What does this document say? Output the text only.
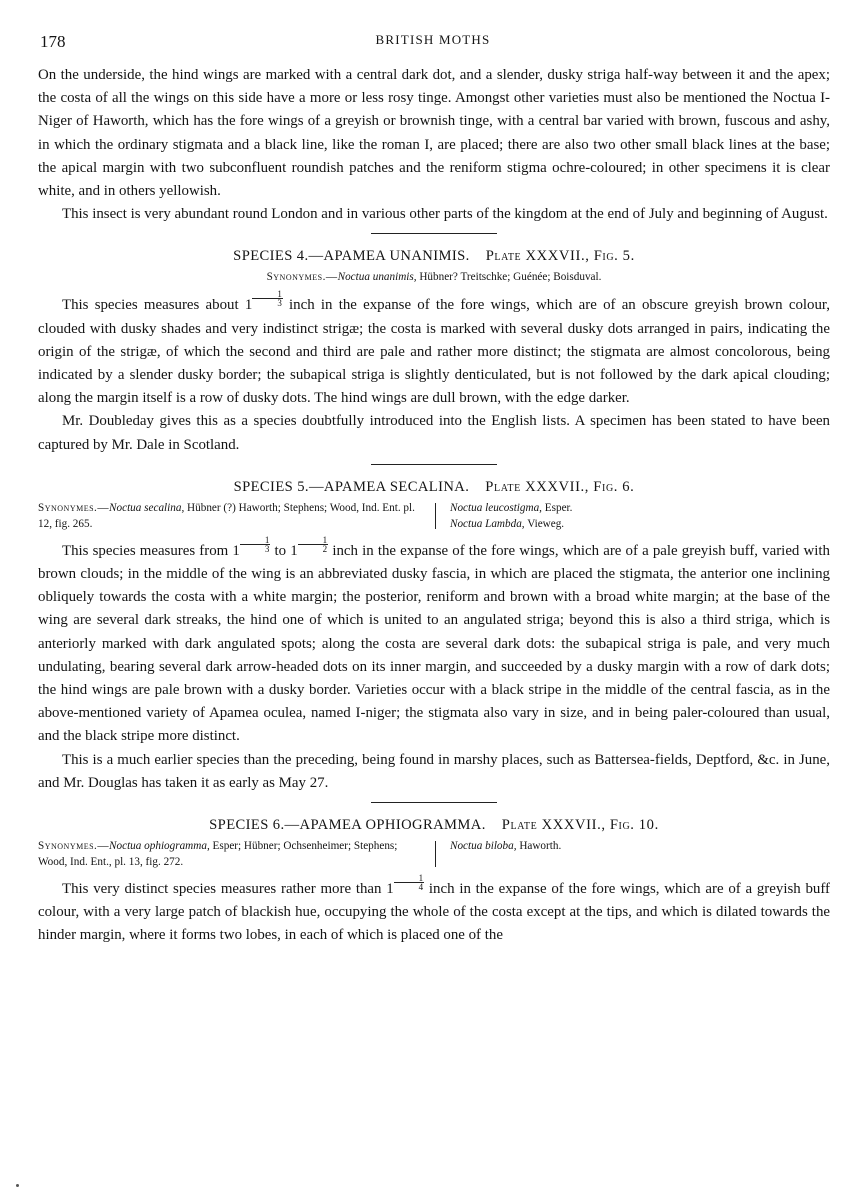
178	BRITISH MOTHS

On the underside, the hind wings are marked with a central dark dot, and a slender, dusky striga half-way between it and the apex; the costa of all the wings on this side have a more or less rosy tinge. Amongst other varieties must also be mentioned the Noctua I-Niger of Haworth, which has the fore wings of a greyish or brownish tinge, with a central bar varied with brown, fuscous and ashy, in which the ordinary stigmata and a black line, like the roman I, are placed; there are also two other small black lines at the base; the apical margin with two subconfluent roundish patches and the reniform stigma ochre-coloured; in other specimens it is clear white, and in others yellowish.

This insect is very abundant round London and in various other parts of the kingdom at the end of July and beginning of August.

SPECIES 4.—APAMEA UNANIMIS. Plate XXXVII., Fig. 5.
Synonymes.—Noctua unanimis, Hübner? Treitschke; Guénée; Boisduval.

This species measures about $1 \frac{1}{3}$ inch in the expanse of the fore wings, which are of an obscure greyish brown colour, clouded with dusky shades and very indistinct strigæ; the costa is marked with several dusky dots arranged in pairs, indicating the origin of the strigæ, of which the second and third are pale and rather more distinct; the stigmata are almost concolorous, being indicated by a slender dusky border; the subapical striga is slightly denticulated, but is not followed by the dark apical clouding; along the margin itself is a row of dusky dots. The hind wings are dull brown, with the edge darker.

Mr. Doubleday gives this as a species doubtfully introduced into the English lists. A specimen has been stated to have been captured by Mr. Dale in Scotland.

SPECIES 5.—APAMEA SECALINA. Plate XXXVII., Fig. 6.
Synonymes.—Noctua secalina, Hübner (?) Haworth; Stephens; Wood, Ind. Ent. pl. 12, fig. 265.
Noctua leucostigma, Esper.
Noctua Lambda, Vieweg.

This species measures from $1 \frac{1}{3}$ to $1 \frac{1}{2}$ inch in the expanse of the fore wings, which are of a pale greyish buff, varied with brown clouds; in the middle of the wing is an abbreviated dusky fascia, in which are placed the stigmata, the anterior one inclining obliquely towards the costa with a white margin; the posterior, reniform and brown with a broad white margin; at the base of the wing are several dark streaks, the hind one of which is united to an angulated striga; beyond this is also a third striga, which is anteriorly marked with dark angulated spots; along the costa are several dark dots: the subapical striga is pale, and very much undulating, bearing several dark arrow-headed dots on its inner margin, and succeeded by a dusky margin with a row of dark dots; the hind wings are pale brown with a dusky border. Varieties occur with a black stripe in the middle of the central fascia, as in the above-mentioned variety of Apamea oculea, named I-niger; the stigmata also vary in size, and in being paler-coloured than usual, and the black stripe more distinct.

This is a much earlier species than the preceding, being found in marshy places, such as Battersea-fields, Deptford, &c. in June, and Mr. Douglas has taken it as early as May 27.

SPECIES 6.—APAMEA OPHIOGRAMMA. Plate XXXVII., Fig. 10.
Synonymes.—Noctua ophiogramma, Esper; Hübner; Ochsenheimer; Stephens; Wood, Ind. Ent., pl. 13, fig. 272.
Noctua biloba, Haworth.

This very distinct species measures rather more than $1 \frac{1}{4}$ inch in the expanse of the fore wings, which are of a greyish buff colour, with a very large patch of blackish hue, occupying the whole of the costa except at the tips, and which is dilated towards the hinder margin, where it forms two lobes, in each of which is placed one of the
